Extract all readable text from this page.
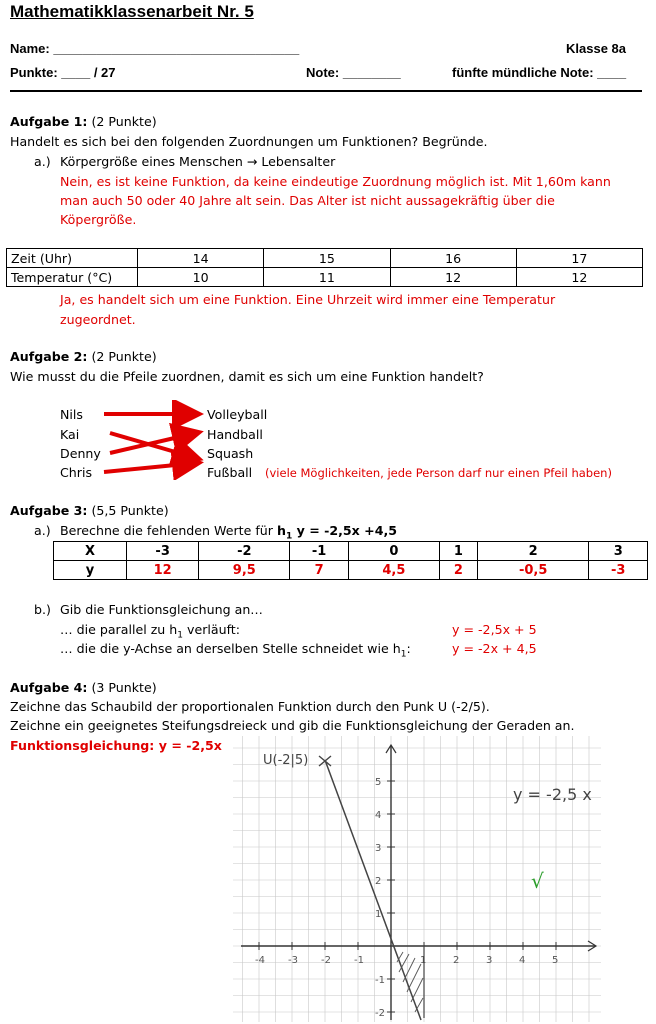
Mathematikklassenarbeit Nr. 5
Name: __________________________________	Klasse 8a
Punkte: ____ / 27	Note: ________	fünfte mündliche Note: ____
Aufgabe 1: (2 Punkte)
Handelt es sich bei den folgenden Zuordnungen um Funktionen? Begründe.
a.) Körpergröße eines Menschen → Lebensalter
Nein, es ist keine Funktion, da keine eindeutige Zuordnung möglich ist. Mit 1,60m kann
man auch 50 oder 40 Jahre alt sein. Das Alter ist nicht aussagekräftig über die
Köpergröße.
Zeit (Uhr)	14	15	16	17
Temperatur (°C)	10	11	12	12
Ja, es handelt sich um eine Funktion. Eine Uhrzeit wird immer eine Temperatur
zugeordnet.
Aufgabe 2: (2 Punkte)
Wie musst du die Pfeile zuordnen, damit es sich um eine Funktion handelt?
Nils
Kai
Denny
Chris
Volleyball
Handball
Squash
Fußball (viele Möglichkeiten, jede Person darf nur einen Pfeil haben)
Aufgabe 3: (5,5 Punkte)
a.) Berechne die fehlenden Werte für $h_1$ y = -2,5x +4,5
X	-3	-2	-1	0	1	2	3
y	12	9,5	7	4,5	2	-0,5	-3
b.) Gib die Funktionsgleichung an…
… die parallel zu $h_1$ verläuft:	y = -2,5x + 5
… die die y-Achse an derselben Stelle schneidet wie $h_1$:	y = -2x + 4,5
Aufgabe 4: (3 Punkte)
Zeichne das Schaubild der proportionalen Funktion durch den Punk U (-2/5).
Zeichne ein geeignetes Steifungsdreieck und gib die Funktionsgleichung der Geraden an.
Funktionsgleichung: y = -2,5x
-4 -3 -2 -1	1	2	3	4	5
5
4
3
2
1
-1
-2
U(-2|5)
y = -2,5 x
√
